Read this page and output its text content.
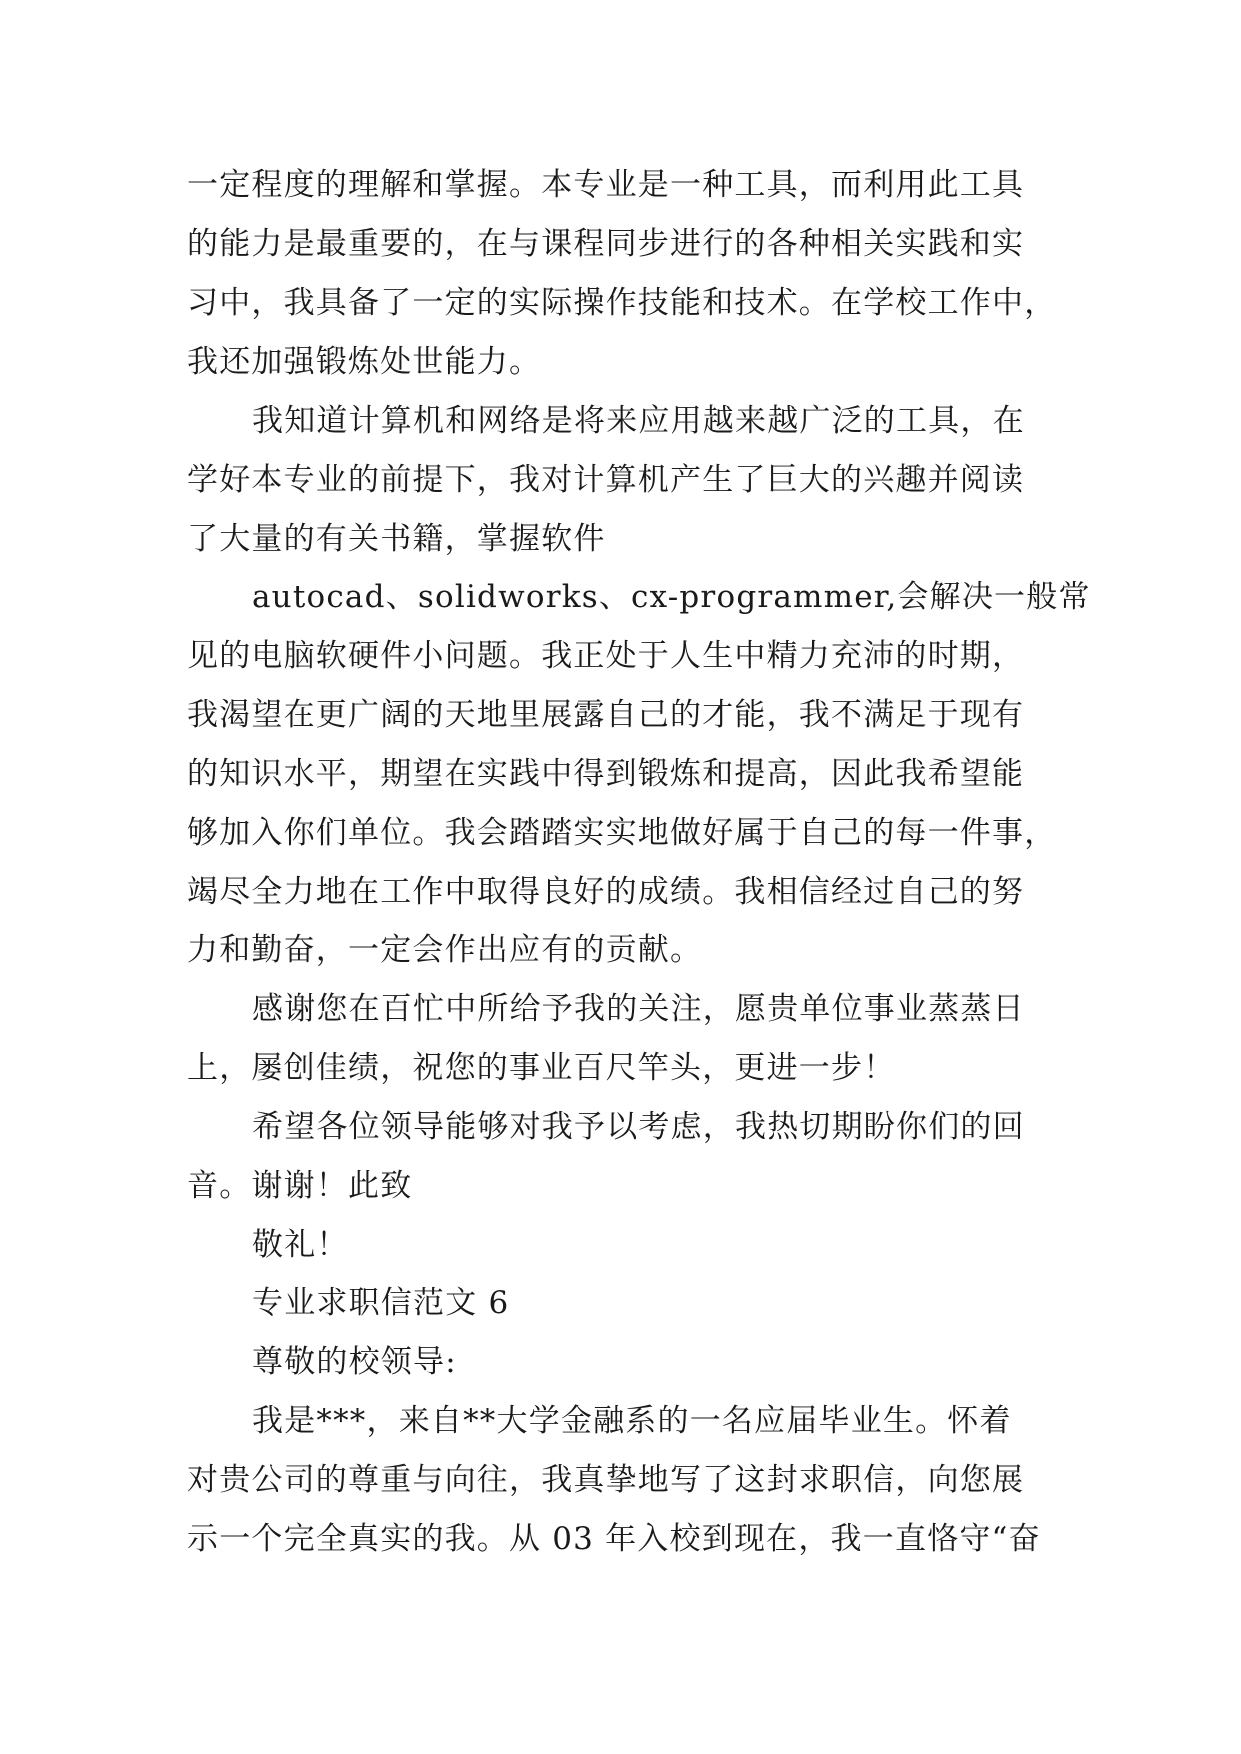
一定程度的理解和掌握。本专业是一种工具，而利用此工具

的能力是最重要的，在与课程同步进行的各种相关实践和实

习中，我具备了一定的实际操作技能和技术。在学校工作中，

我还加强锻炼处世能力。

我知道计算机和网络是将来应用越来越广泛的工具，在

学好本专业的前提下，我对计算机产生了巨大的兴趣并阅读

了大量的有关书籍，掌握软件

autocad、solidworks、cx-programmer,会解决一般常

见的电脑软硬件小问题。我正处于人生中精力充沛的时期，

我渴望在更广阔的天地里展露自己的才能，我不满足于现有

的知识水平，期望在实践中得到锻炼和提高，因此我希望能

够加入你们单位。我会踏踏实实地做好属于自己的每一件事，

竭尽全力地在工作中取得良好的成绩。我相信经过自己的努

力和勤奋，一定会作出应有的贡献。

感谢您在百忙中所给予我的关注，愿贵单位事业蒸蒸日

上，屡创佳绩，祝您的事业百尺竿头，更进一步！

希望各位领导能够对我予以考虑，我热切期盼你们的回

音。谢谢！此致

敬礼！

专业求职信范文 6

尊敬的校领导:

我是***，来自**大学金融系的一名应届毕业生。怀着

对贵公司的尊重与向往，我真挚地写了这封求职信，向您展

示一个完全真实的我。从 03 年入校到现在，我一直恪守“奋
